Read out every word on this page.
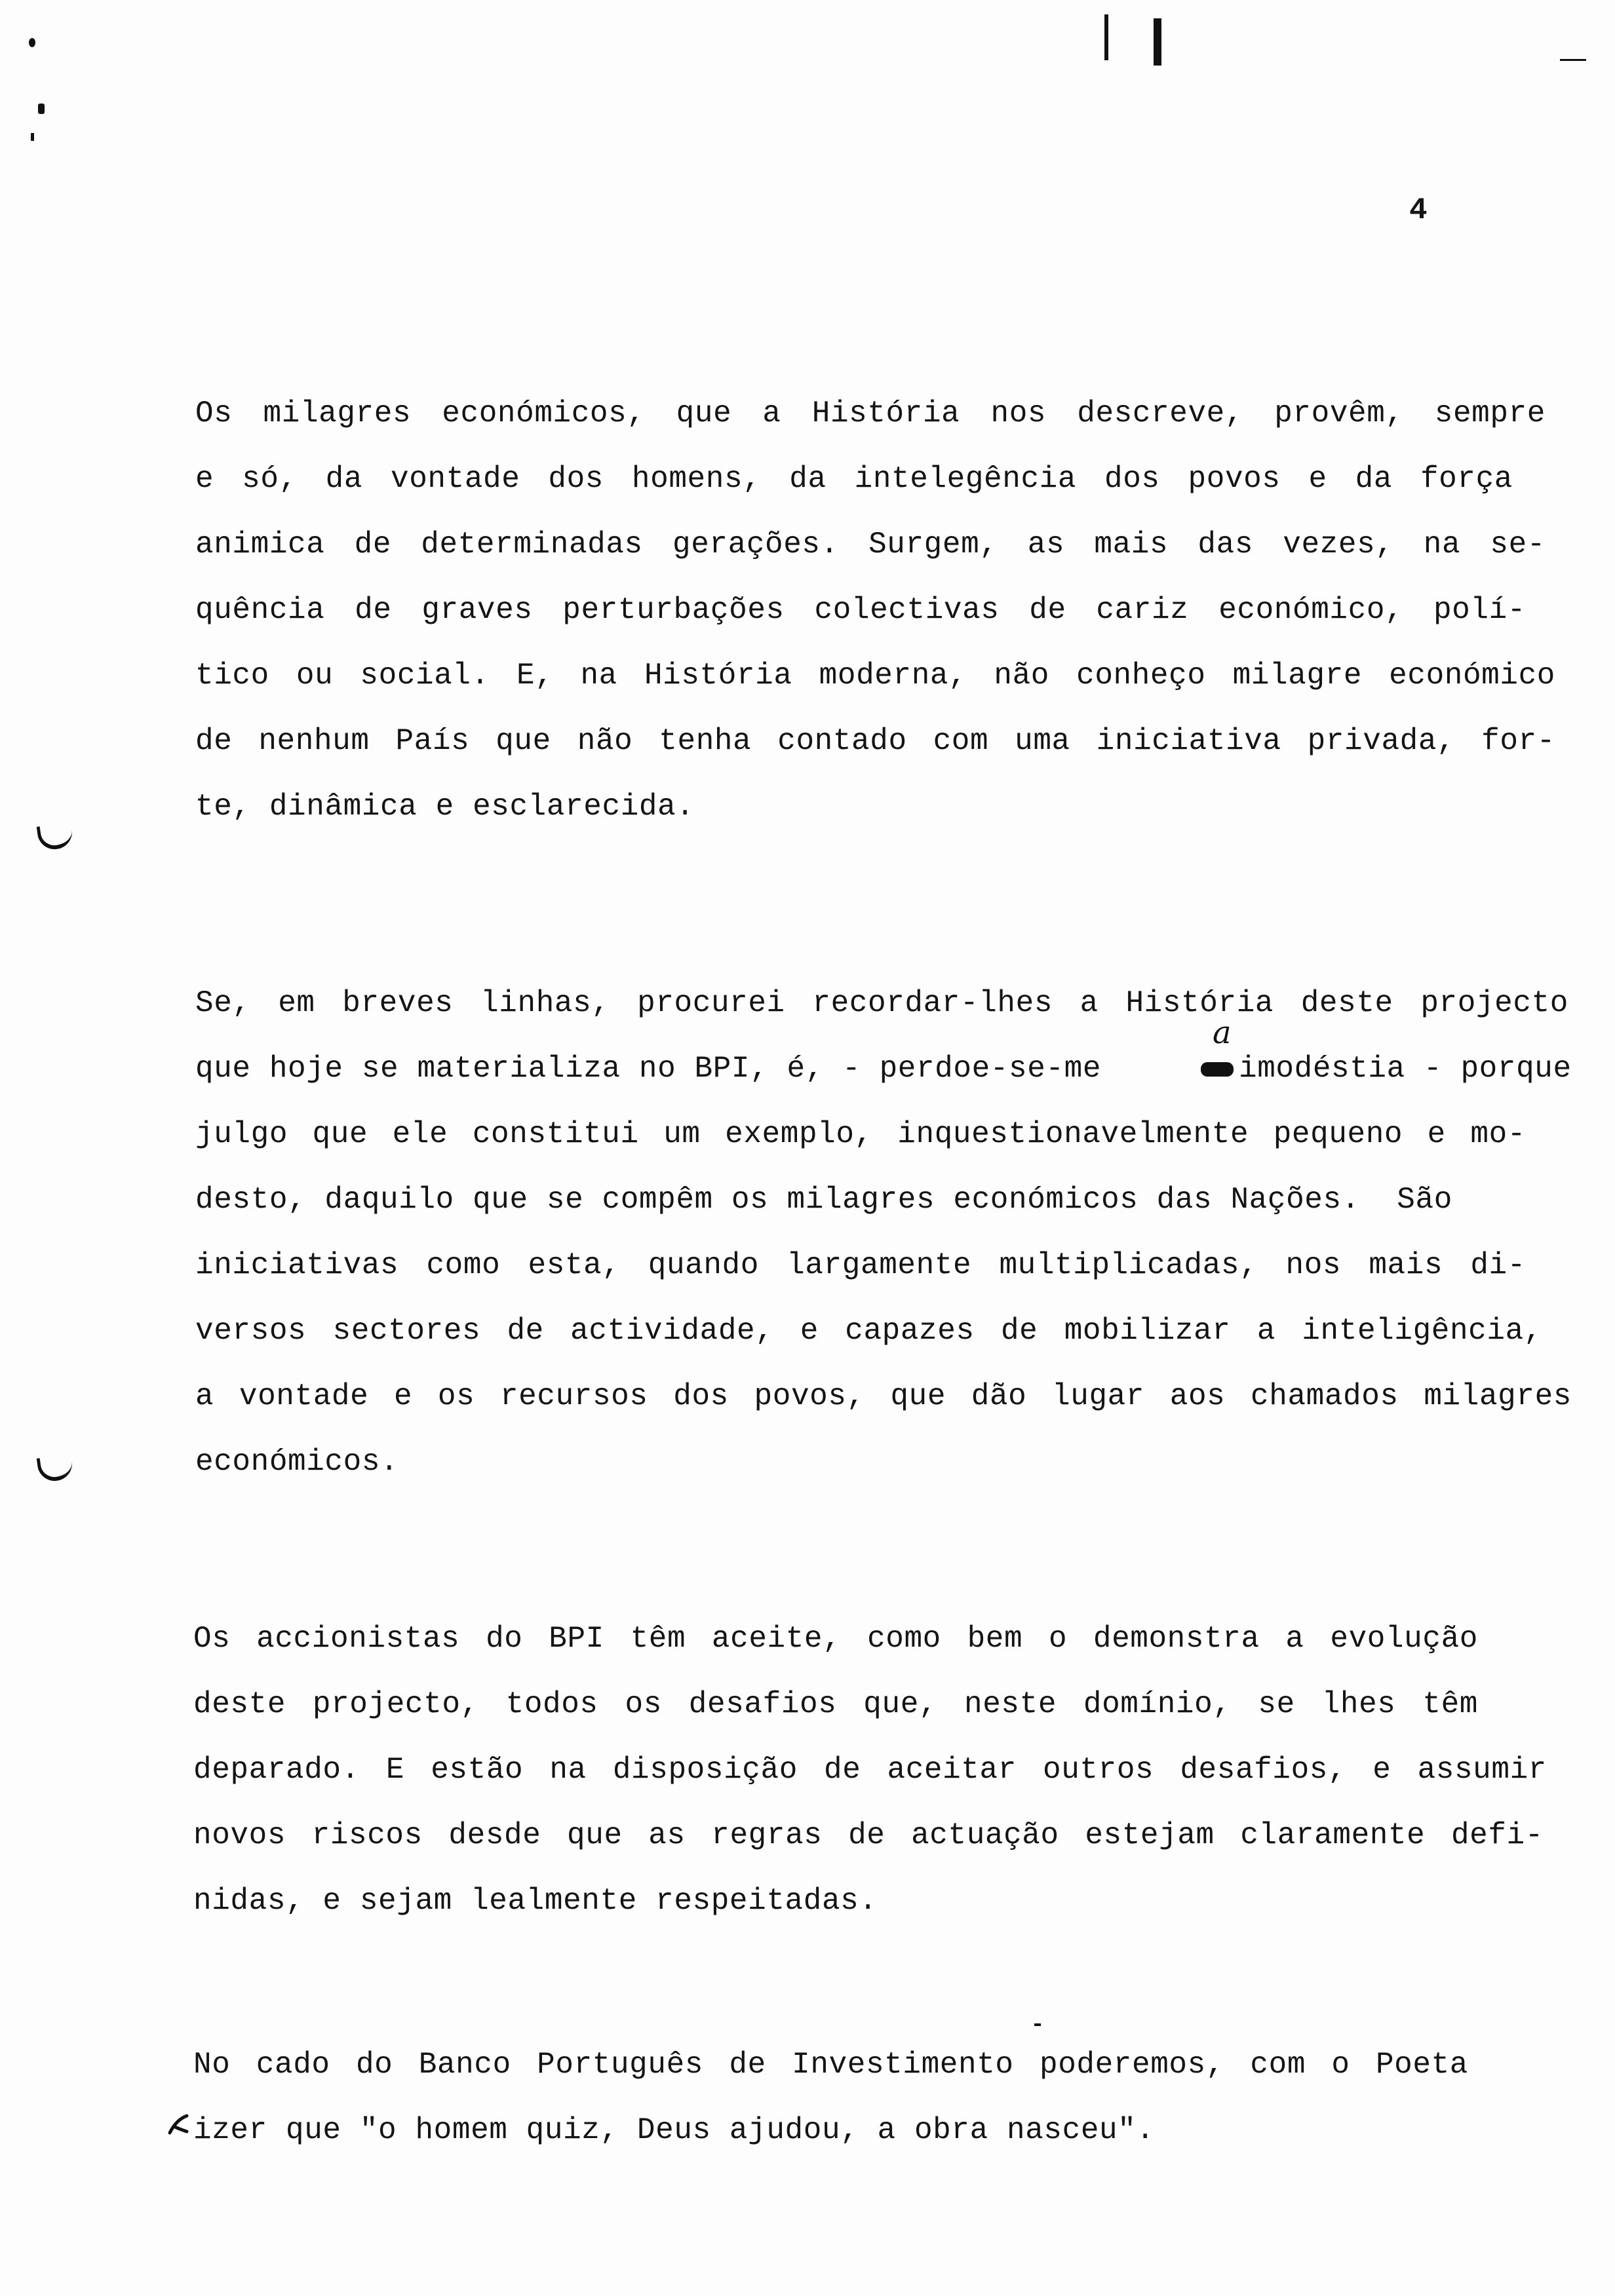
4
Os milagres económicos, que a História nos descreve, provêm, sempre
e só, da vontade dos homens, da intelegência dos povos e da força
animica de determinadas gerações. Surgem, as mais das vezes, na se-
quência de graves perturbações colectivas de cariz económico, polí-
tico ou social. E, na História moderna, não conheço milagre económico
de nenhum País que não tenha contado com uma iniciativa privada, for-
te, dinâmica e esclarecida.
Se, em breves linhas, procurei recordar-lhes a História deste projecto
que hoje se materializa no BPI, é, - perdoe-se-me
a
imodéstia - porque
julgo que ele constitui um exemplo, inquestionavelmente pequeno e mo-
desto, daquilo que se compêm os milagres económicos das Nações.  São
iniciativas como esta, quando largamente multiplicadas, nos mais di-
versos sectores de actividade, e capazes de mobilizar a inteligência,
a vontade e os recursos dos povos, que dão lugar aos chamados milagres
económicos.
Os accionistas do BPI têm aceite, como bem o demonstra a evolução
deste projecto, todos os desafios que, neste domínio, se lhes têm
deparado. E estão na disposição de aceitar outros desafios, e assumir
novos riscos desde que as regras de actuação estejam claramente defi-
nidas, e sejam lealmente respeitadas.
No cado do Banco Português de Investimento poderemos, com o Poeta
izer que "o homem quiz, Deus ajudou, a obra nasceu".
